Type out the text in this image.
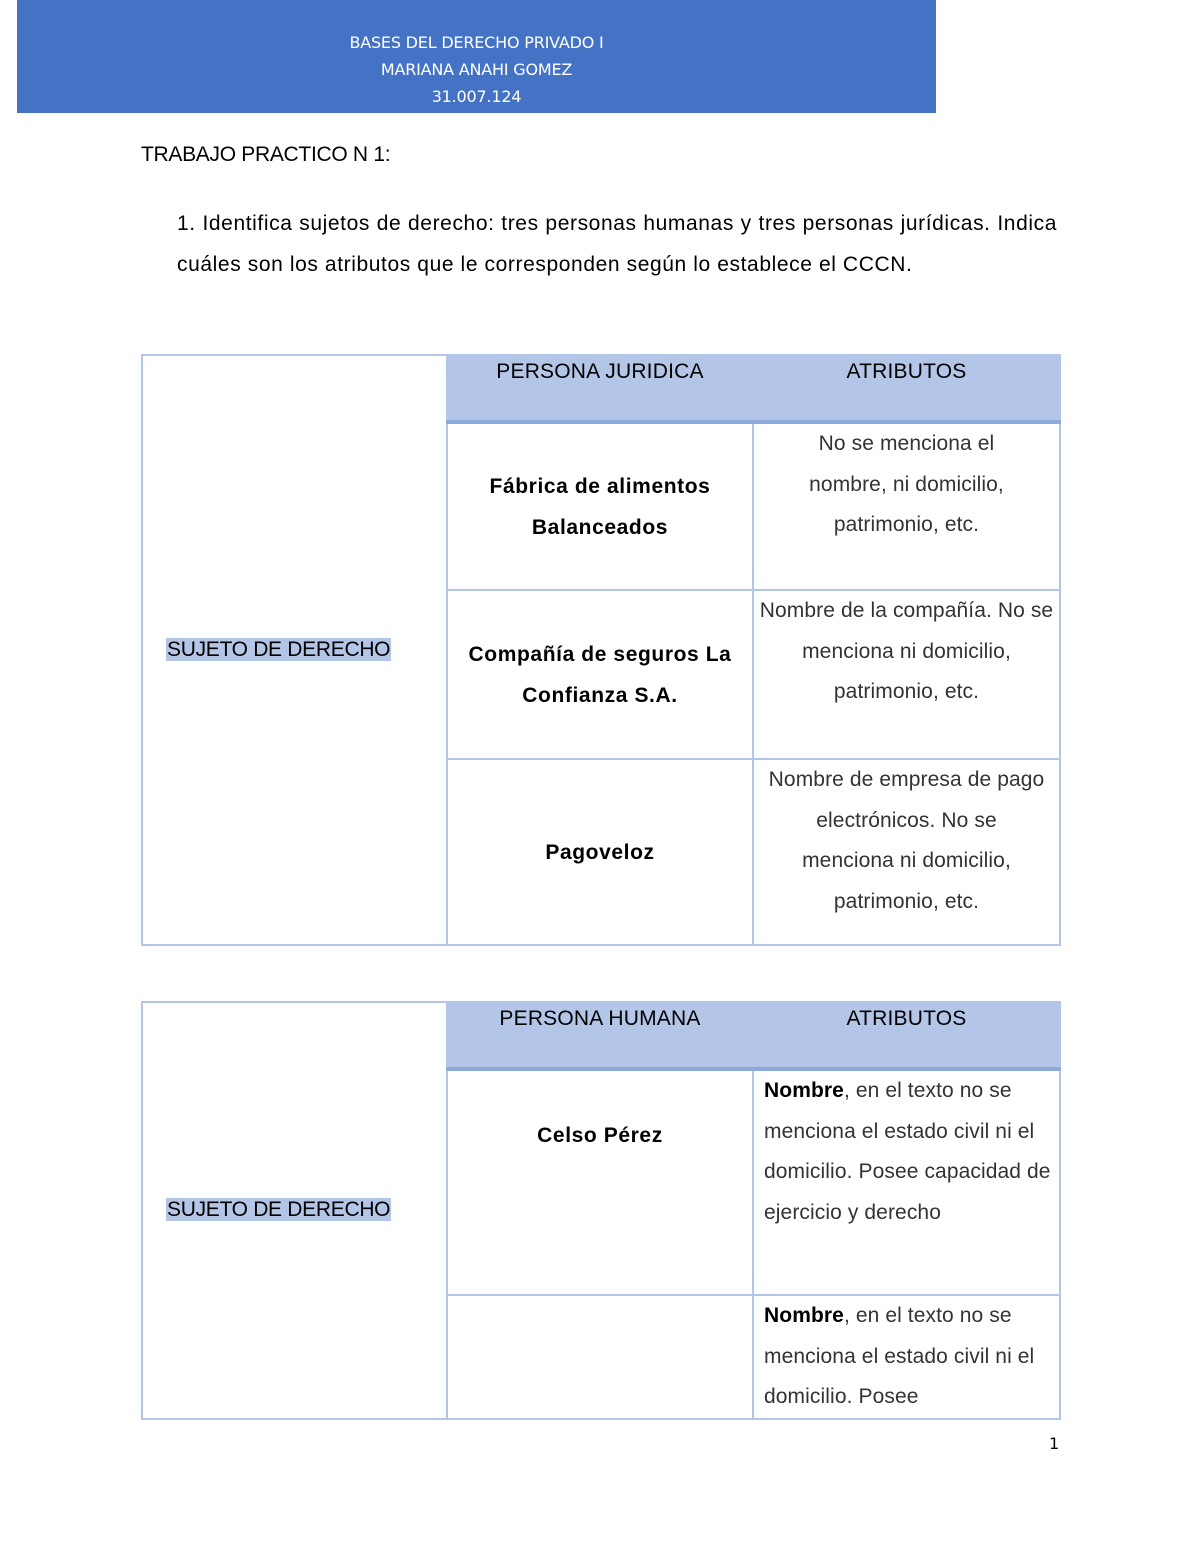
BASES DEL DERECHO PRIVADO I
MARIANA ANAHI GOMEZ
31.007.124
TRABAJO PRACTICO N 1:
1. Identifica sujetos de derecho: tres personas humanas y tres personas jurídicas. Indica cuáles son los atributos que le corresponden según lo establece el CCCN.
SUJETO DE DERECHO	PERSONA JURIDICA	ATRIBUTOS
	Fábrica de alimentos Balanceados	No se menciona el nombre, ni domicilio, patrimonio, etc.
	Compañía de seguros La Confianza S.A.	Nombre de la compañía. No se menciona ni domicilio, patrimonio, etc.
	Pagoveloz	Nombre de empresa de pago electrónicos. No se menciona ni domicilio, patrimonio, etc.
SUJETO DE DERECHO	PERSONA HUMANA	ATRIBUTOS
	Celso Pérez	Nombre, en el texto no se menciona el estado civil ni el domicilio. Posee capacidad de ejercicio y derecho
		Nombre, en el texto no se menciona el estado civil ni el domicilio. Posee
1
